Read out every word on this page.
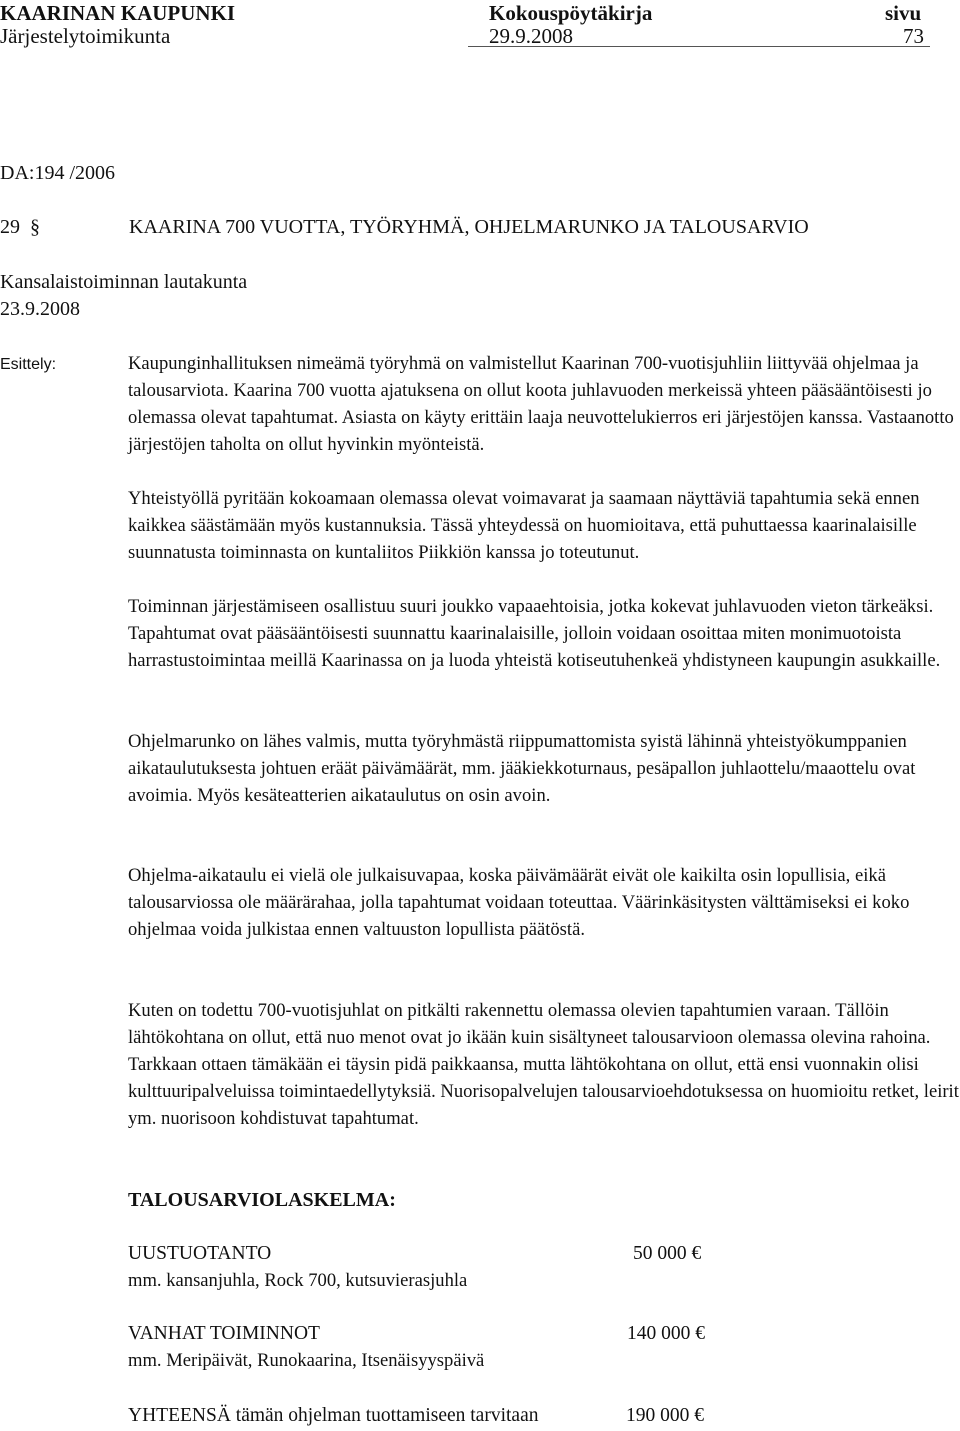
KAARINAN KAUPUNKI	Kokouspöytäkirja	sivu
Järjestelytoimikunta	29.9.2008	73
DA:194 /2006
29 §	KAARINA 700 VUOTTA, TYÖRYHMÄ, OHJELMARUNKO JA TALOUSARVIO
Kansalaistoiminnan lautakunta
23.9.2008
Esittely:	Kaupunginhallituksen nimeämä työryhmä on valmistellut Kaarinan 700-vuotisjuhliin liittyvää ohjelmaa ja talousarviota. Kaarina 700 vuotta ajatuksena on ollut koota juhlavuoden merkeissä yhteen pääsääntöisesti jo olemassa olevat tapahtumat. Asiasta on käyty erittäin laaja neuvottelukierros eri järjestöjen kanssa. Vastaanotto järjestöjen taholta on ollut hyvinkin myönteistä.

Yhteistyöllä pyritään kokoamaan olemassa olevat voimavarat ja saamaan näyttäviä tapahtumia sekä ennen kaikkea säästämään myös kustannuksia. Tässä yhteydessä on huomioitava, että puhuttaessa kaarinalaisille suunnatusta toiminnasta on kuntaliitos Piikkiön kanssa jo toteutunut.

Toiminnan järjestämiseen osallistuu suuri joukko vapaaehtoisia, jotka kokevat juhlavuoden vieton tärkeäksi. Tapahtumat ovat pääsääntöisesti suunnattu kaarinalaisille, jolloin voidaan osoittaa miten monimuotoista harrastustoimintaa meillä Kaarinassa on ja luoda yhteistä kotiseutuhenkeä yhdistyneen kaupungin asukkaille.

Ohjelmarunko on lähes valmis, mutta työryhmästä riippumattomista syistä lähinnä yhteistyökumppanien aikataulutuksesta johtuen eräät päivämäärät, mm. jääkiekkoturnaus, pesäpallon juhlaottelu/maaottelu ovat avoimia. Myös kesäteatterien aikataulutus on osin avoin.

Ohjelma-aikataulu ei vielä ole julkaisuvapaa, koska päivämäärät eivät ole kaikilta osin lopullisia, eikä talousarviossa ole määrärahaa, jolla tapahtumat voidaan toteuttaa. Väärinkäsitysten välttämiseksi ei koko ohjelmaa voida julkistaa ennen valtuuston lopullista päätöstä.

Kuten on todettu 700-vuotisjuhlat on pitkälti rakennettu olemassa olevien tapahtumien varaan. Tällöin lähtökohtana on ollut, että nuo menot ovat jo ikään kuin sisältyneet talousarvioon olemassa olevina rahoina. Tarkkaan ottaen tämäkään ei täysin pidä paikkaansa, mutta lähtökohtana on ollut, että ensi vuonnakin olisi kulttuuripalveluissa toimintaedellytyksiä. Nuorisopalvelujen talousarvioehdotuksessa on huomioitu retket, leirit ym. nuorisoon kohdistuvat tapahtumat.

TALOUSARVIOLASKELMA:
UUSTUOTANTO	50 000 €
mm. kansanjuhla, Rock 700, kutsuvierasjuhla
VANHAT TOIMINNOT	140 000 €
mm. Meripäivät, Runokaarina, Itsenäisyyspäivä
YHTEENSÄ tämän ohjelman tuottamiseen tarvitaan	190 000 €
